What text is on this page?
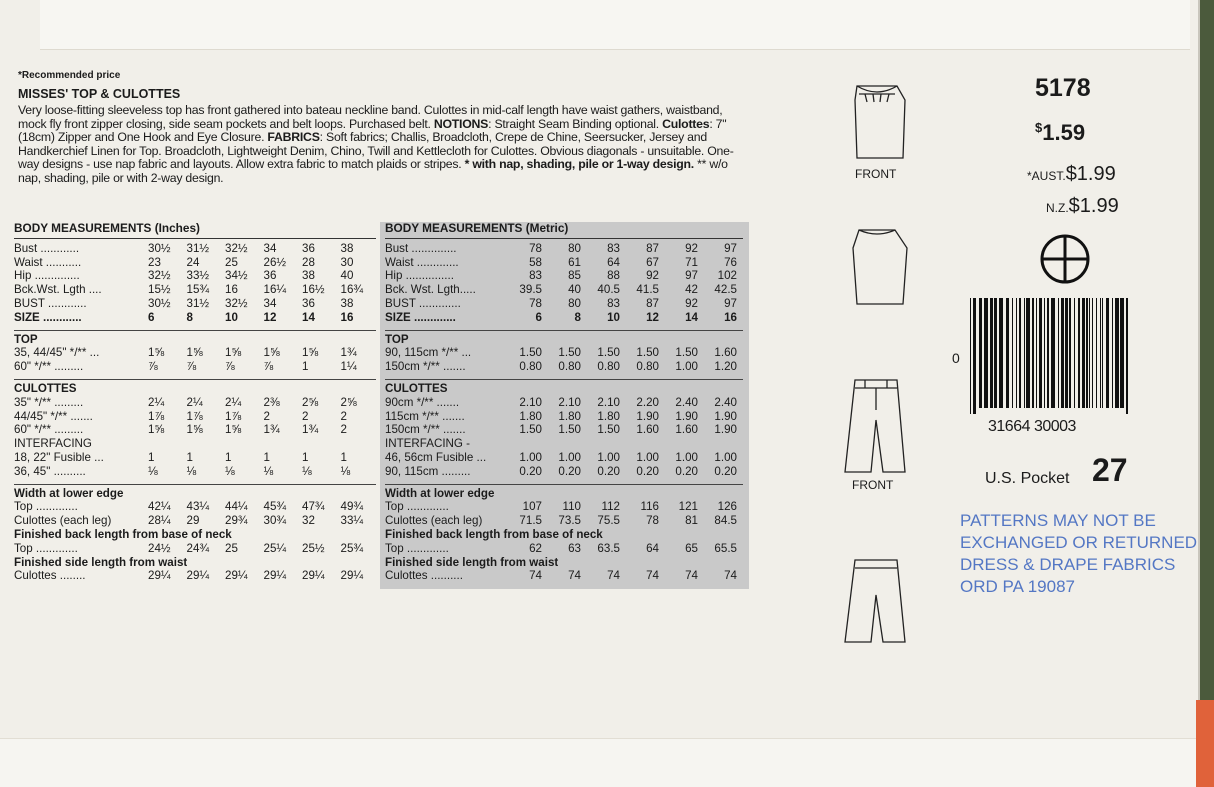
*Recommended price
MISSES' TOP & CULOTTES
Very loose-fitting sleeveless top has front gathered into bateau neckline band. Culottes in mid-calf length have waist gathers, waistband, mock fly front zipper closing, side seam pockets and belt loops. Purchased belt. NOTIONS: Straight Seam Binding optional. Culottes: 7" (18cm) Zipper and One Hook and Eye Closure. FABRICS: Soft fabrics; Challis, Broadcloth, Crepe de Chine, Seersucker, Jersey and Handkerchief Linen for Top. Broadcloth, Lightweight Denim, Chino, Twill and Kettlecloth for Culottes. Obvious diagonals - unsuitable. One-way designs - use nap fabric and layouts. Allow extra fabric to match plaids or stripes. * with nap, shading, pile or 1-way design. ** w/o nap, shading, pile or with 2-way design.
BODY MEASUREMENTS (Inches)
Bust ............	30½	31½	32½	34	36	38
Waist ...........	23	24	25	26½	28	30
Hip ..............	32½	33½	34½	36	38	40
Bck.Wst. Lgth ....	15½	15¾	16	16¼	16½	16¾
BUST ............	30½	31½	32½	34	36	38
SIZE ............	6	8	10	12	14	16
TOP
35, 44/45" */** ...	1⅝	1⅝	1⅝	1⅝	1⅝	1¾
60" */** .........	⅞	⅞	⅞	⅞	1	1¼
CULOTTES
35" */** .........	2¼	2¼	2¼	2⅜	2⅝	2⅝
44/45" */** .......	1⅞	1⅞	1⅞	2	2	2
60" */** .........	1⅝	1⅝	1⅝	1¾	1¾	2
INTERFACING
18, 22" Fusible ...	1	1	1	1	1	1
36, 45" ..........	⅛	⅛	⅛	⅛	⅛	⅛
Width at lower edge
Top .............	42¼	43¼	44¼	45¾	47¾	49¾
Culottes (each leg)	28¼	29	29¾	30¾	32	33¼
Finished back length from base of neck
Top .............	24½	24¾	25	25¼	25½	25¾
Finished side length from waist
Culottes ........	29¼	29¼	29¼	29¼	29¼	29¼
BODY MEASUREMENTS (Metric)
Bust ..............	78	80	83	87	92	97
Waist .............	58	61	64	67	71	76
Hip ...............	83	85	88	92	97	102
Bck. Wst. Lgth.....	39.5	40	40.5	41.5	42	42.5
BUST .............	78	80	83	87	92	97
SIZE .............	6	8	10	12	14	16
TOP
90, 115cm */** ...	1.50	1.50	1.50	1.50	1.50	1.60
150cm */** .......	0.80	0.80	0.80	0.80	1.00	1.20
CULOTTES
90cm */** .......	2.10	2.10	2.10	2.20	2.40	2.40
115cm */** .......	1.80	1.80	1.80	1.90	1.90	1.90
150cm */** .......	1.50	1.50	1.50	1.60	1.60	1.90
INTERFACING -
46, 56cm Fusible ...	1.00	1.00	1.00	1.00	1.00	1.00
90, 115cm .........	0.20	0.20	0.20	0.20	0.20	0.20
Width at lower edge
Top .............	107	110	112	116	121	126
Culottes (each leg)	71.5	73.5	75.5	78	81	84.5
Finished back length from base of neck
Top .............	62	63	63.5	64	65	65.5
Finished side length from waist
Culottes ..........	74	74	74	74	74	74
FRONT
FRONT
5178
$1.59
*AUST.$1.99
N.Z.$1.99
0
31664 30003
U.S. Pocket 27
PATTERNS MAY NOT BE
EXCHANGED OR RETURNED
DRESS & DRAPE FABRICS
ORD PA 19087
